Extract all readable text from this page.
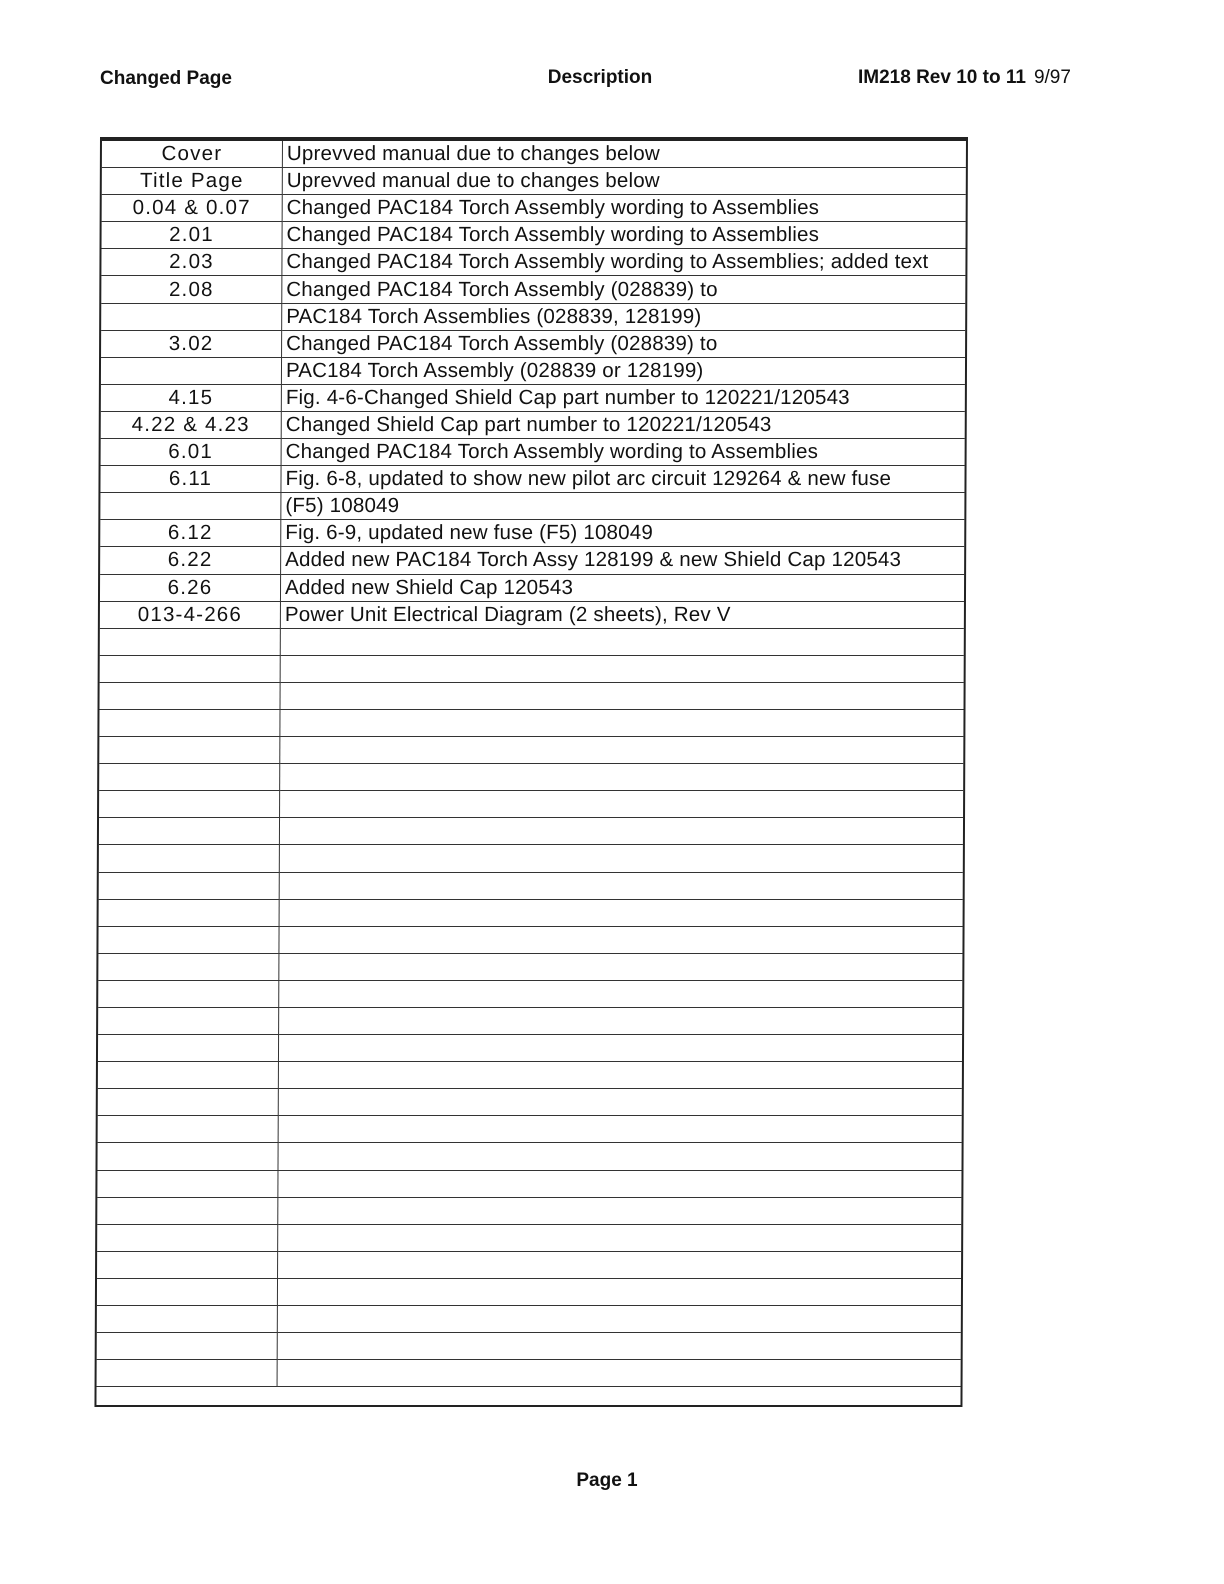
Changed Page	Description	IM218 Rev 10 to 11 9/97
Cover	Uprevved manual due to changes below
Title Page	Uprevved manual due to changes below
0.04 & 0.07	Changed PAC184 Torch Assembly wording to Assemblies
2.01	Changed PAC184 Torch Assembly wording to Assemblies
2.03	Changed PAC184 Torch Assembly wording to Assemblies; added text
2.08	Changed PAC184 Torch Assembly (028839) to
	PAC184 Torch Assemblies (028839, 128199)
3.02	Changed PAC184 Torch Assembly (028839) to
	PAC184 Torch Assembly (028839 or 128199)
4.15	Fig. 4-6-Changed Shield Cap part number to 120221/120543
4.22 & 4.23	Changed Shield Cap part number to 120221/120543
6.01	Changed PAC184 Torch Assembly wording to Assemblies
6.11	Fig. 6-8, updated to show new pilot arc circuit 129264 & new fuse
	(F5) 108049
6.12	Fig. 6-9, updated new fuse (F5) 108049
6.22	Added new PAC184 Torch Assy 128199 & new Shield Cap 120543
6.26	Added new Shield Cap 120543
013-4-266	Power Unit Electrical Diagram (2 sheets), Rev V

Page 1
